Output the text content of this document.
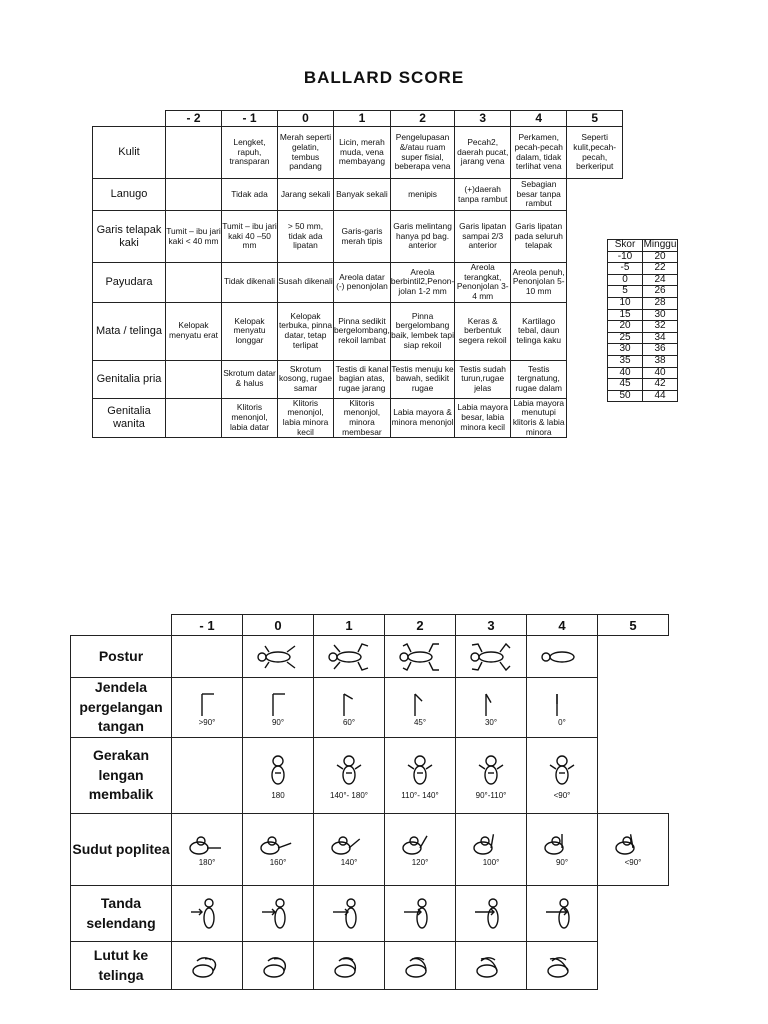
BALLARD SCORE
	- 2	- 1	0	1	2	3	4	5
Kulit		Lengket, rapuh, transparan	Merah seperti gelatin, tembus pandang	Licin, merah muda, vena membayang	Pengelupasan &/atau ruam super fisial, beberapa vena	Pecah2, daerah pucat, jarang vena	Perkamen, pecah-pecah dalam, tidak terlihat vena	Seperti kulit,pecah-pecah, berkeriput
Lanugo		Tidak ada	Jarang sekali	Banyak sekali	menipis	(+)daerah tanpa rambut	Sebagian besar tanpa rambut	
Garis telapak kaki	Tumit – ibu jari kaki < 40 mm	Tumit – ibu jari kaki 40 –50 mm	> 50 mm, tidak ada lipatan	Garis-garis merah tipis	Garis melintang hanya pd bag. anterior	Garis lipatan sampai 2/3 anterior	Garis lipatan pada seluruh telapak	
Payudara		Tidak dikenali	Susah dikenali	Areola datar (-) penonjolan	Areola berbintil2,Penon- jolan 1-2 mm	Areola terangkat, Penonjolan 3-4 mm	Areola penuh, Penonjolan 5- 10 mm	
Mata / telinga	Kelopak menyatu erat	Kelopak menyatu longgar	Kelopak terbuka, pinna datar, tetap terlipat	Pinna sedikit bergelombang, rekoil lambat	Pinna bergelombang baik, lembek tapi siap rekoil	Keras & berbentuk segera rekoil	Kartilago tebal, daun telinga kaku	
Genitalia pria		Skrotum datar & halus	Skrotum kosong, rugae samar	Testis di kanal bagian atas, rugae jarang	Testis menuju ke bawah, sedikit rugae	Testis sudah turun,rugae jelas	Testis tergnatung, rugae dalam	
Genitalia wanita		Klitoris menonjol, labia datar	Klitoris menonjol, labia minora kecil	Klitoris menonjol, minora membesar	Labia mayora & minora menonjol	Labia mayora besar, labia minora kecil	Labia mayora menutupi klitoris & labia minora	
Skor	Minggu
-10	20
-5	22
0	24
5	26
10	28
15	30
20	32
25	34
30	36
35	38
40	40
45	42
50	44
	- 1	0	1	2	3	4	5
Postur		

Jendela pergelangan tangan	>90°	90°	60°	45°	30°	0°	

Gerakan lengan membalik		180	140°- 180°	110°- 140°	90°-110°	<90°	

Sudut poplitea	180°	160°	140°	120°	100°	90°	<90°

Tanda selendang	

Lutut ke telinga	
